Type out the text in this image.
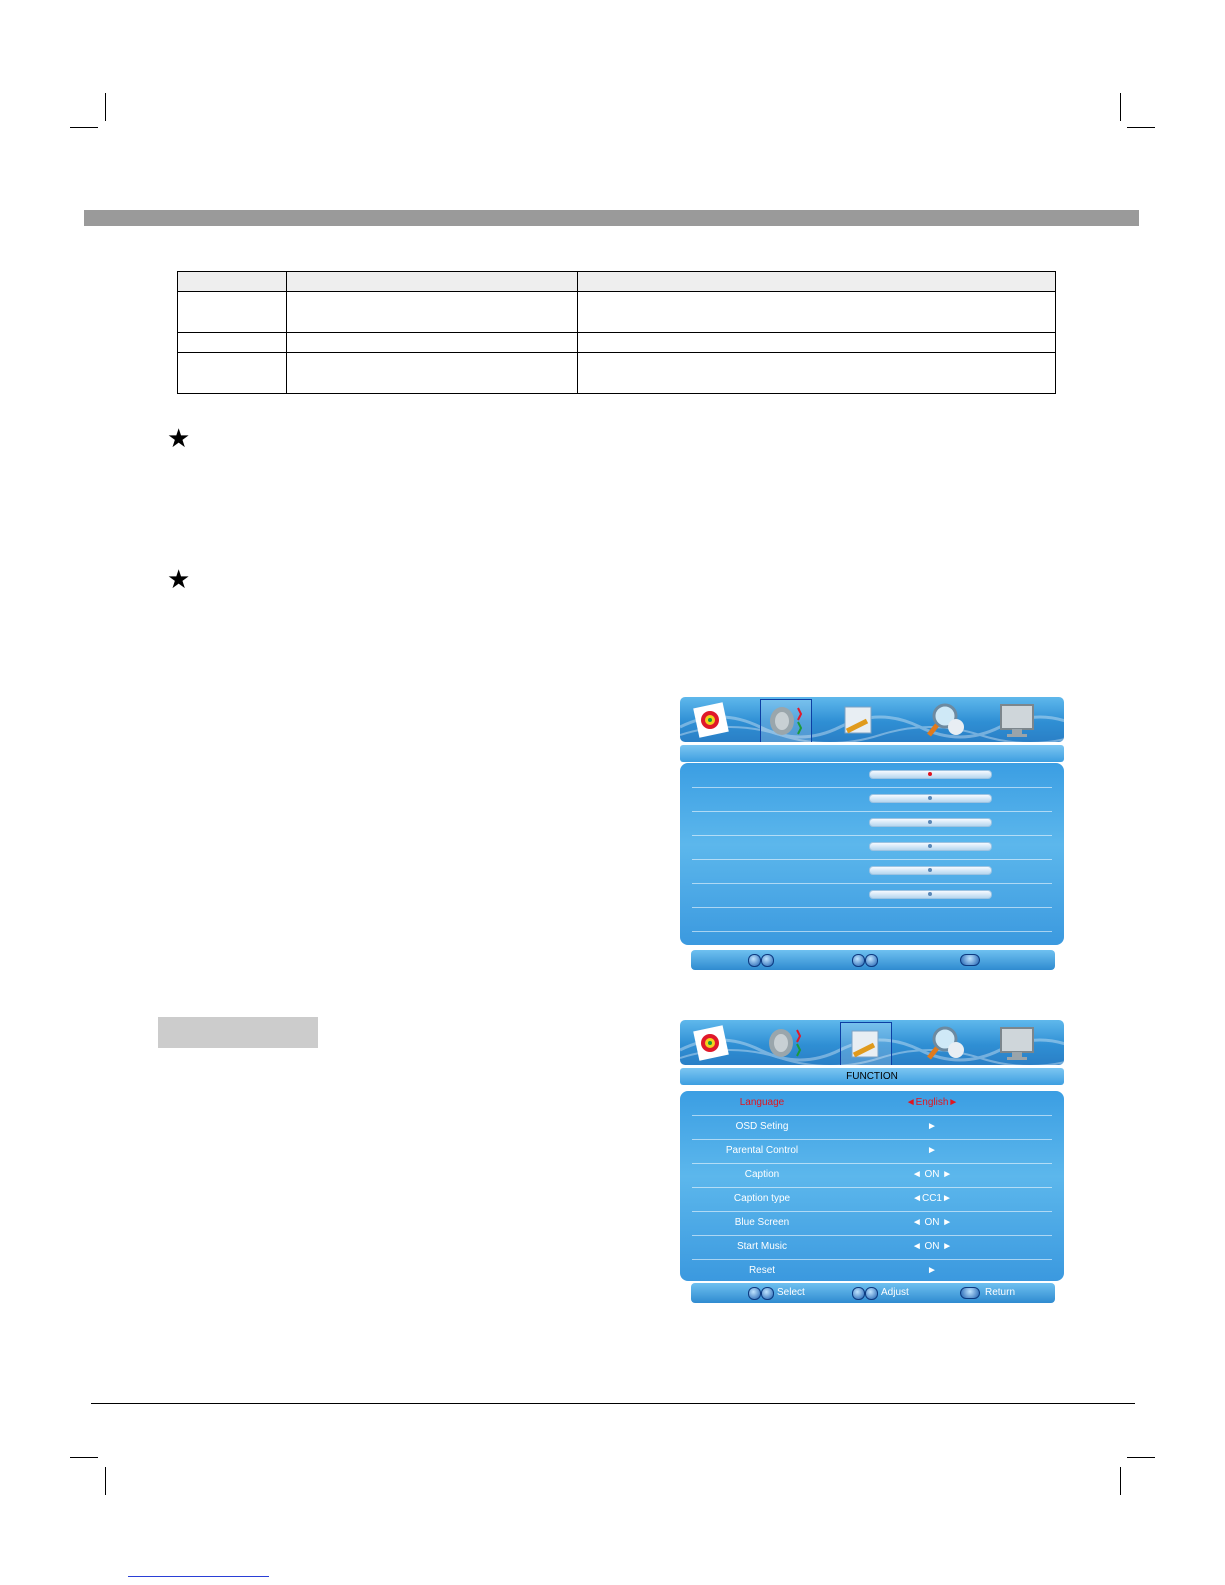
★
★
FUNCTION
Language	◄English►
OSD Seting	►
Parental Control	►
Caption	◄ ON ►
Caption type	◄CC1►
Blue Screen	◄ ON ►
Start Music	◄ ON ►
Reset	►
Select	Adjust	Return
